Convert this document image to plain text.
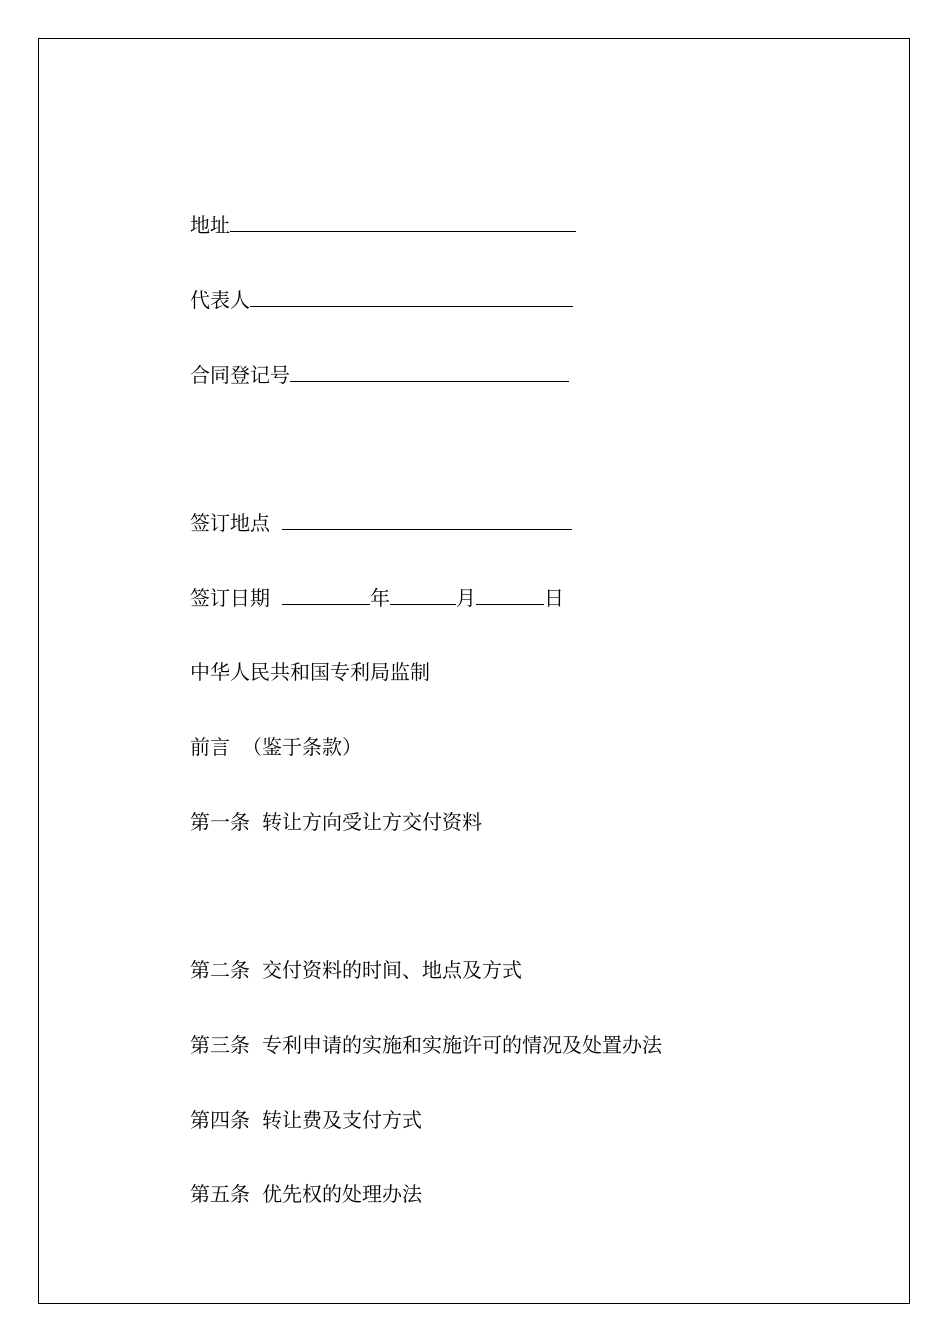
地址
代表人
合同登记号
签订地点
签订日期	年	月	日
中华人民共和国专利局监制
前言 （鉴于条款）
第一条 转让方向受让方交付资料
第二条 交付资料的时间、地点及方式
第三条 专利申请的实施和实施许可的情况及处置办法
第四条 转让费及支付方式
第五条 优先权的处理办法
